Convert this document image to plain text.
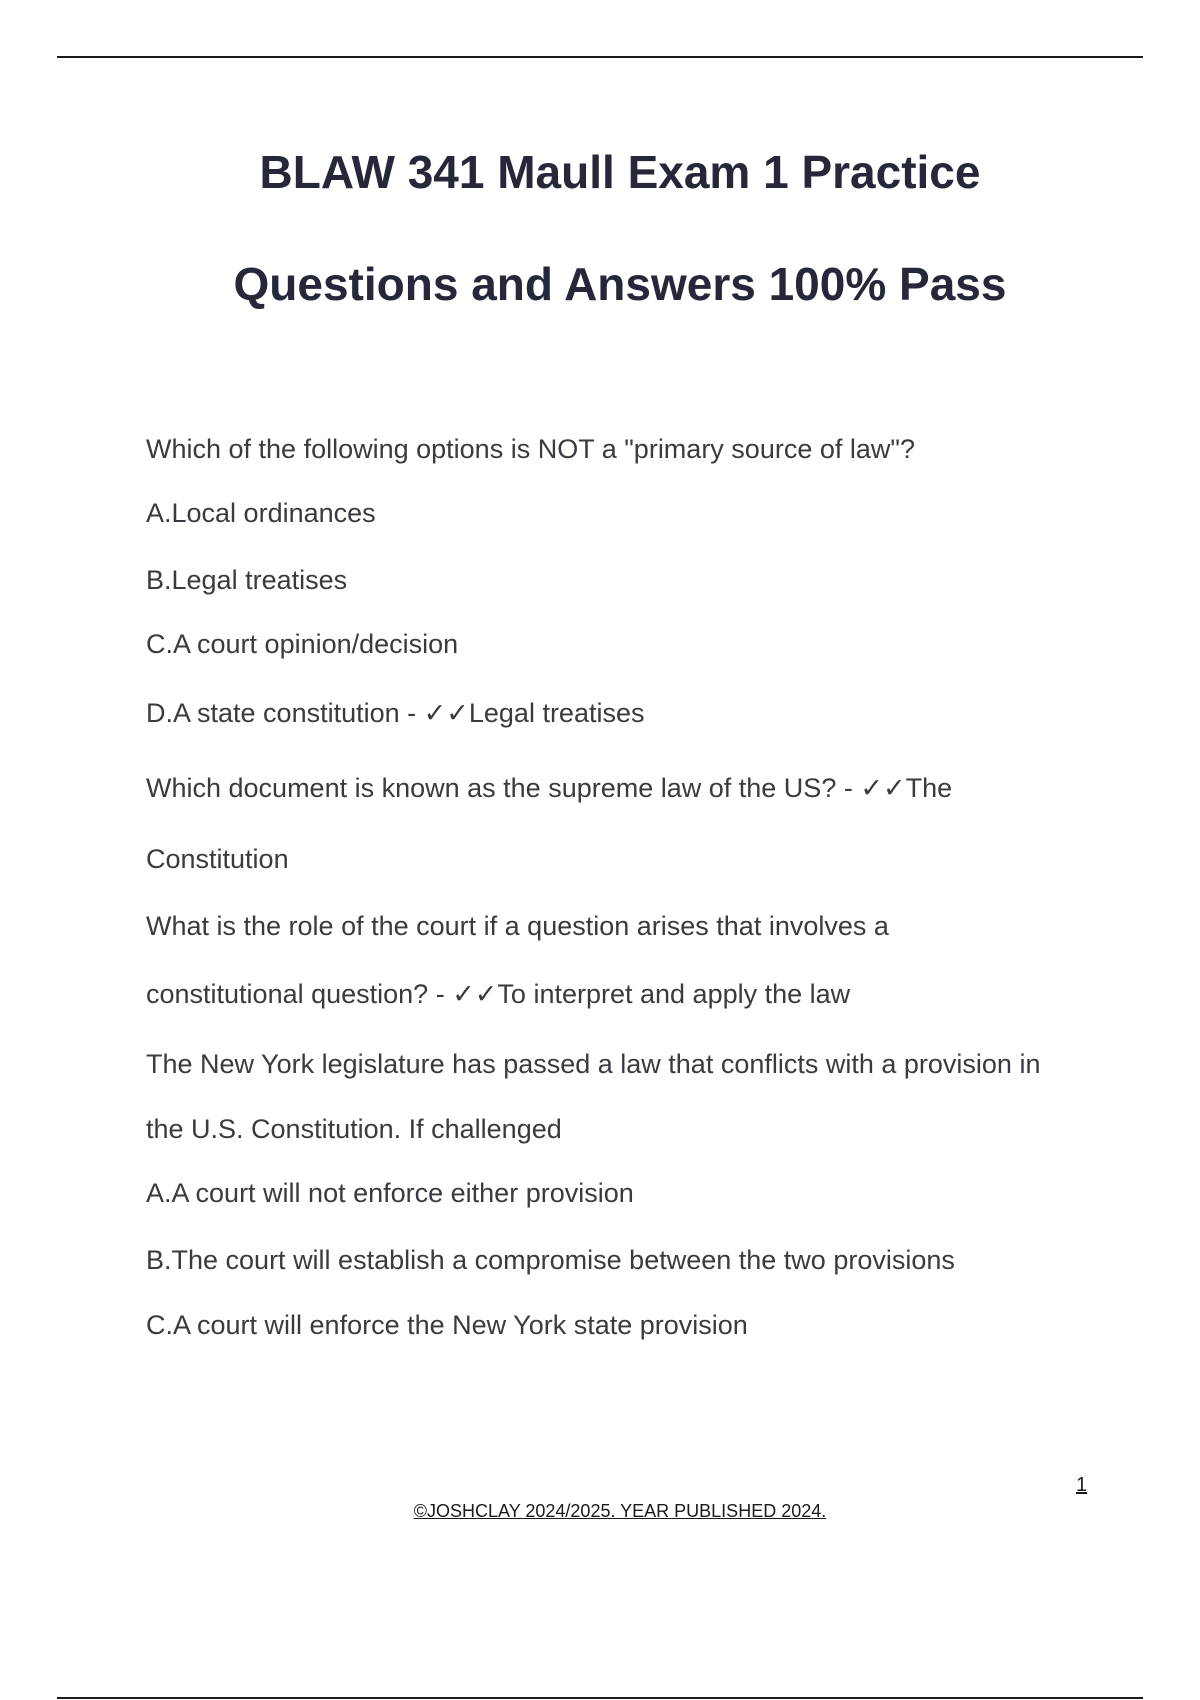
BLAW 341 Maull Exam 1 Practice
Questions and Answers 100% Pass
Which of the following options is NOT a "primary source of law"?
A.Local ordinances
B.Legal treatises
C.A court opinion/decision
D.A state constitution - ✓✓Legal treatises
Which document is known as the supreme law of the US? - ✓✓The
Constitution
What is the role of the court if a question arises that involves a
constitutional question? - ✓✓To interpret and apply the law
The New York legislature has passed a law that conflicts with a provision in
the U.S. Constitution. If challenged
A.A court will not enforce either provision
B.The court will establish a compromise between the two provisions
C.A court will enforce the New York state provision
1
©JOSHCLAY 2024/2025. YEAR PUBLISHED 2024.
